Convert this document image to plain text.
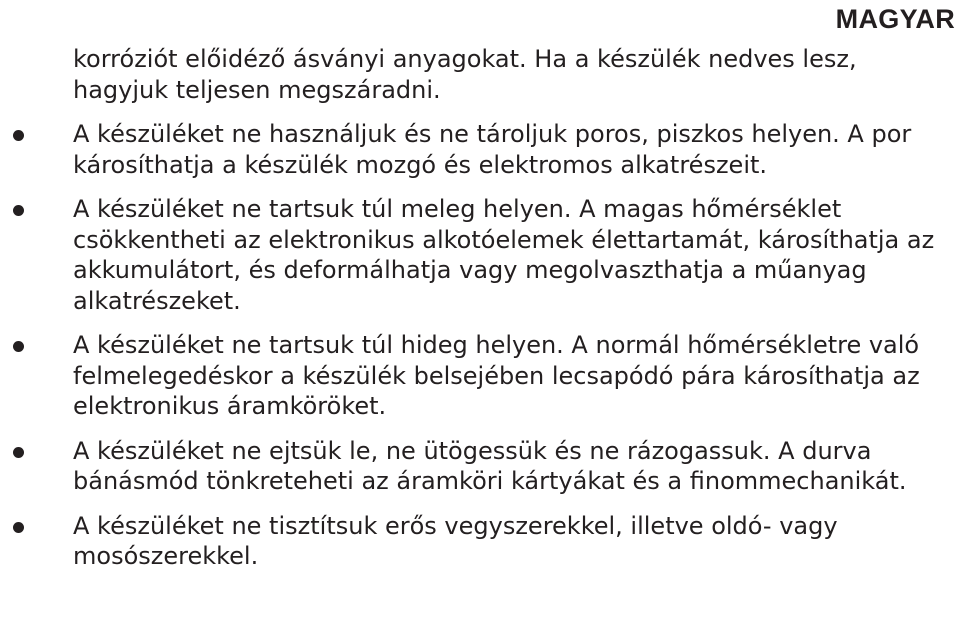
MAGYAR

korróziót előidéző ásványi anyagokat. Ha a készülék nedves lesz, hagyjuk teljesen megszáradni.

A készüléket ne használjuk és ne tároljuk poros, piszkos helyen. A por károsíthatja a készülék mozgó és elektromos alkatrészeit.
A készüléket ne tartsuk túl meleg helyen. A magas hőmérséklet csökkentheti az elektronikus alkotóelemek élettartamát, károsíthatja az akkumulátort, és deformálhatja vagy megolvaszthatja a műanyag alkatrészeket.
A készüléket ne tartsuk túl hideg helyen. A normál hőmérsékletre való felmelegedéskor a készülék belsejében lecsapódó pára károsíthatja az elektronikus áramköröket.
A készüléket ne ejtsük le, ne ütögessük és ne rázogassuk. A durva bánásmód tönkreteheti az áramköri kártyákat és a finommechanikát.
A készüléket ne tisztítsuk erős vegyszerekkel, illetve oldó- vagy mosószerekkel.
